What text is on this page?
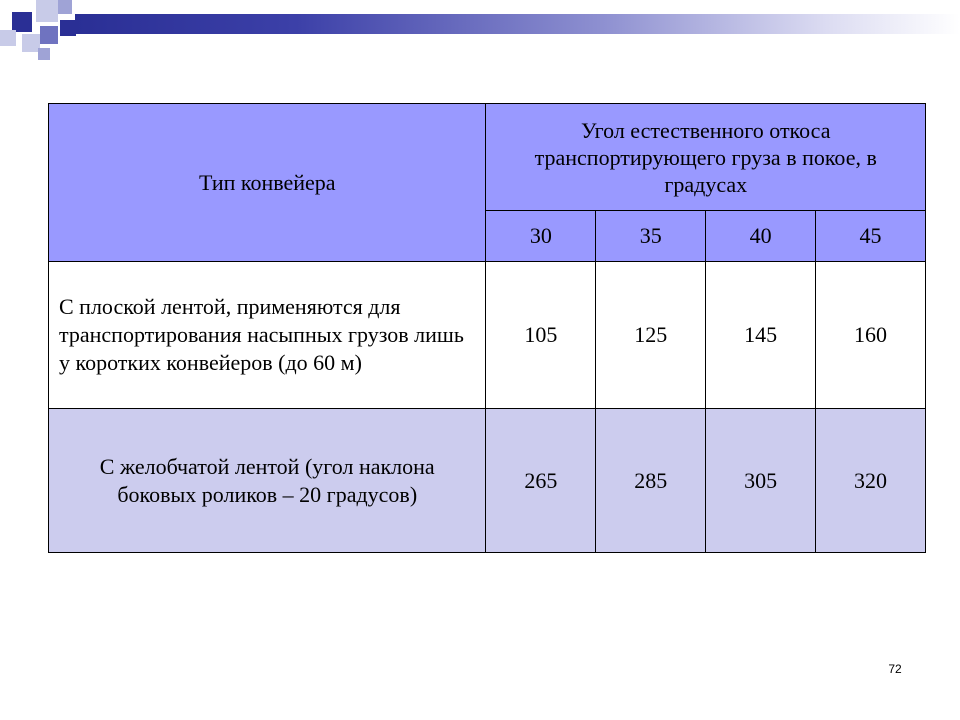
Тип конвейера	Угол естественного откоса транспортирующего груза в покое, в градусах			
	30	35	40	45
С плоской лентой, применяются для транспортирования насыпных грузов лишь у коротких конвейеров (до 60 м)	105	125	145	160
С желобчатой лентой (угол наклона боковых роликов – 20 градусов)	265	285	305	320
72
